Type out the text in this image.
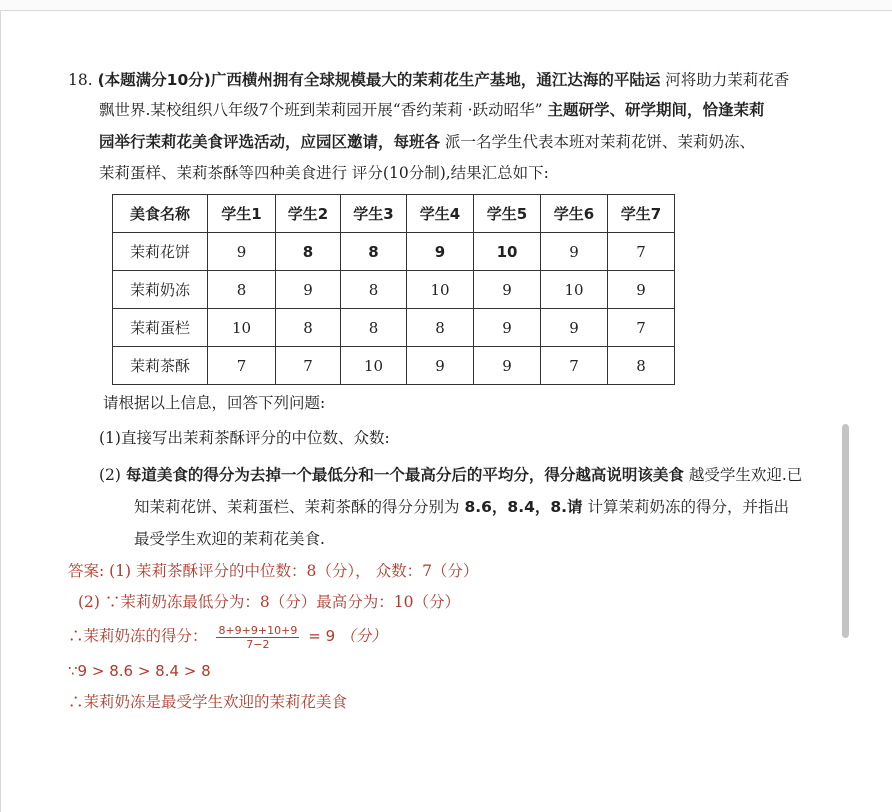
18. (本题满分10分)广西横州拥有全球规模最大的茉莉花生产基地，通江达海的平陆运 河将助力茉莉花香
飘世界.某校组织八年级7个班到茉莉园开展“香约茉莉 ·跃动昭华” 主题研学、研学期间，恰逢茉莉
园举行茉莉花美食评选活动，应园区邀请，每班各 派一名学生代表本班对茉莉花饼、茉莉奶冻、
茉莉蛋样、茉莉茶酥等四种美食进行 评分(10分制),结果汇总如下:
美食名称	学生1	学生2	学生3	学生4	学生5	学生6	学生7
茉莉花饼	9	8	8	9	10	9	7
茉莉奶冻	8	9	8	10	9	10	9
茉莉蛋栏	10	8	8	8	9	9	7
茉莉茶酥	7	7	10	9	9	7	8
请根据以上信息，回答下列问题:
(1)直接写出茉莉茶酥评分的中位数、众数:
(2) 每道美食的得分为去掉一个最低分和一个最高分后的平均分，得分越高说明该美食 越受学生欢迎.已
知茉莉花饼、茉莉蛋栏、茉莉茶酥的得分分别为 8.6，8.4，8.请 计算茉莉奶冻的得分，并指出
最受学生欢迎的茉莉花美食.
答案: (1) 茉莉茶酥评分的中位数：8（分）， 众数：7（分）
(2) ∵茉莉奶冻最低分为：8（分）最高分为：10（分）
∴茉莉奶冻的得分： $\frac{8+9+9+10+9}{7-2} = 9$ （分）
∵9 > 8.6 > 8.4 > 8
∴茉莉奶冻是最受学生欢迎的茉莉花美食
